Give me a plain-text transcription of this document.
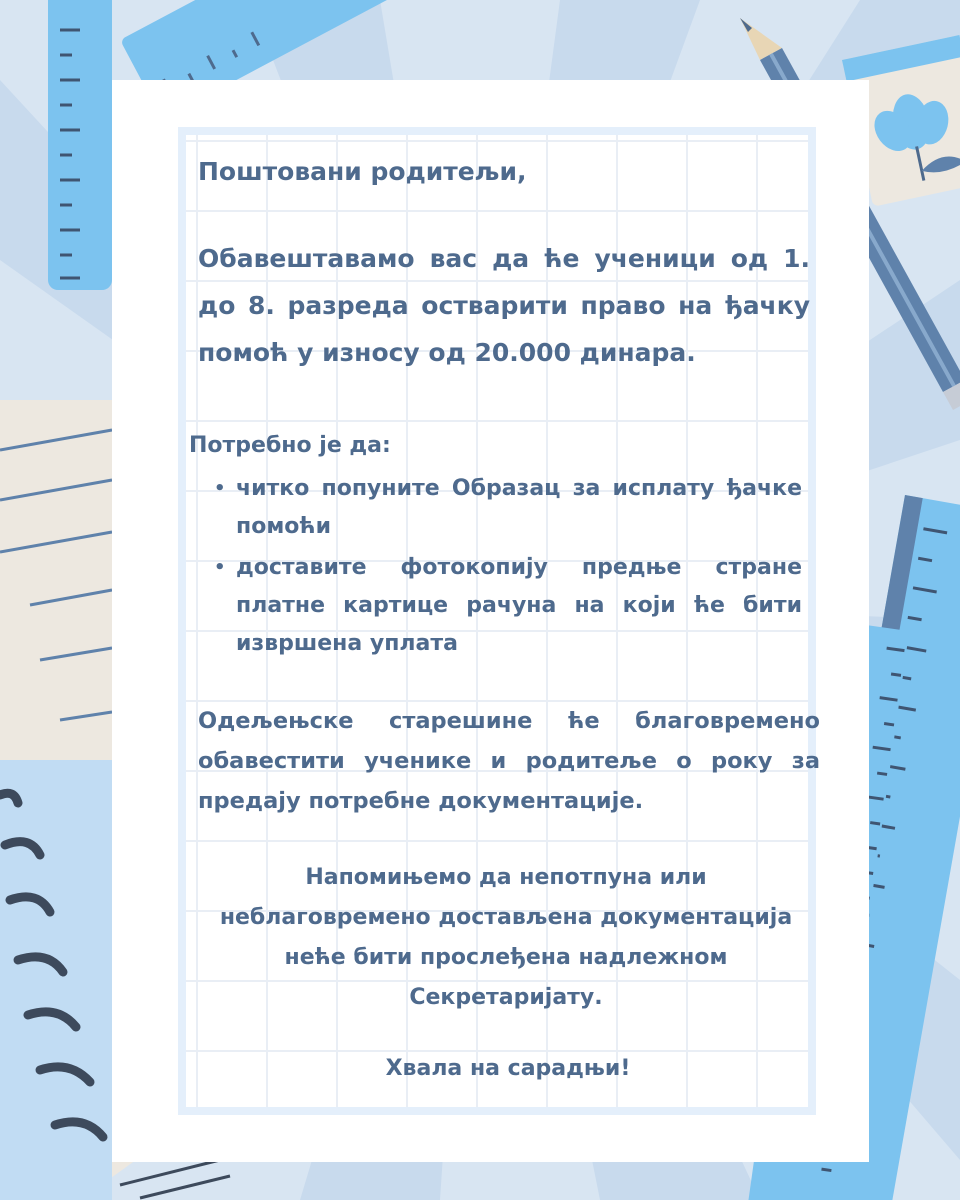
Поштовани родитељи,
Обавештавамо вас да ће ученици од 1. до 8. разреда остварити право на ђачку помоћ у износу од 20.000 динара.
Потребно је да:
• читко попуните Образац за исплату ђачке помоћи
• доставите фотокопију предње стране платне картице рачуна на који ће бити извршена уплата
Одељењске старешине ће благовремено обавестити ученике и родитеље о року за предају потребне документације.
Напомињемо да непотпуна или неблаговремено достављена документација неће бити прослеђена надлежном Секретаријату.
Хвала на сарадњи!
